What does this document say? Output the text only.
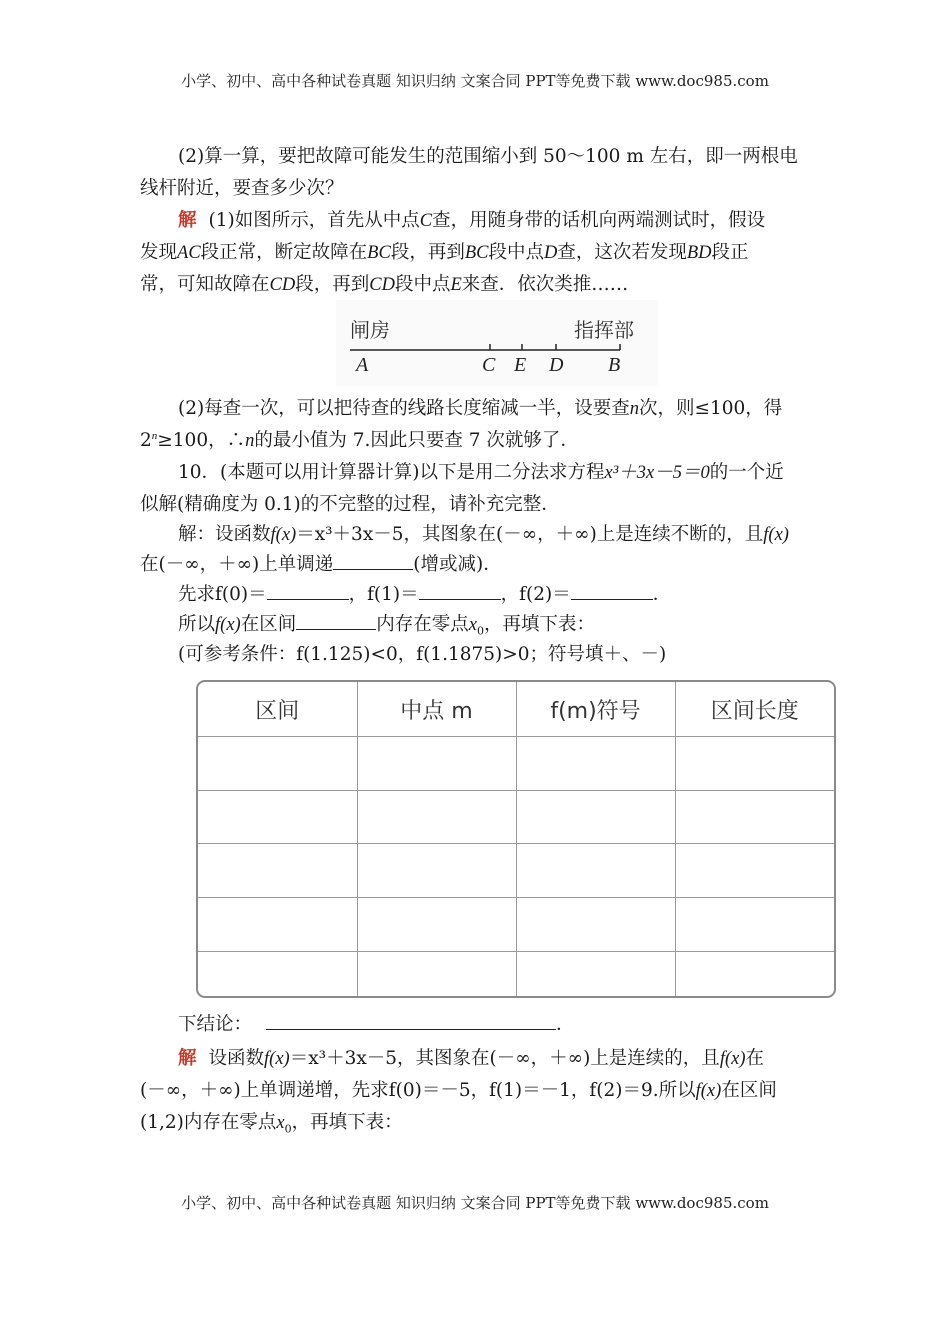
小学、初中、高中各种试卷真题 知识归纳 文案合同 PPT等免费下载 www.doc985.com
(2)算一算，要把故障可能发生的范围缩小到 50～100 m 左右，即一两根电
线杆附近，要查多少次？
解 (1)如图所示，首先从中点C查，用随身带的话机向两端测试时，假设
发现AC段正常，断定故障在BC段，再到BC段中点D查，这次若发现BD段正
常，可知故障在CD段，再到CD段中点E来查．依次类推……
闸房	指挥部
A	C E D B
(2)每查一次，可以把待查的线路长度缩减一半，设要查n次，则≤100，得
$2^n\ge 100$，∴n的最小值为 7.因此只要查 7 次就够了．
10．(本题可以用计算器计算)以下是用二分法求方程x³＋3x－5＝0的一个近
似解(精确度为 0.1)的不完整的过程，请补充完整．
解：设函数f(x)＝x³＋3x－5，其图象在(－∞，＋∞)上是连续不断的，且f(x)
在(－∞，＋∞)上单调递	(增或减)．
先求f(0)＝	，f(1)＝	，f(2)＝	．
所以f(x)在区间	内存在零点$x_0$，再填下表：
(可参考条件：f(1.125)<0，f(1.1875)>0；符号填＋、－)
区间	中点 m	f(m)符号	区间长度

下结论：	．
解 设函数f(x)＝x³＋3x－5，其图象在(－∞，＋∞)上是连续的，且f(x)在
(－∞，＋∞)上单调递增，先求f(0)＝－5，f(1)＝－1，f(2)＝9.所以f(x)在区间
(1,2)内存在零点$x_0$，再填下表：
小学、初中、高中各种试卷真题 知识归纳 文案合同 PPT等免费下载 www.doc985.com
